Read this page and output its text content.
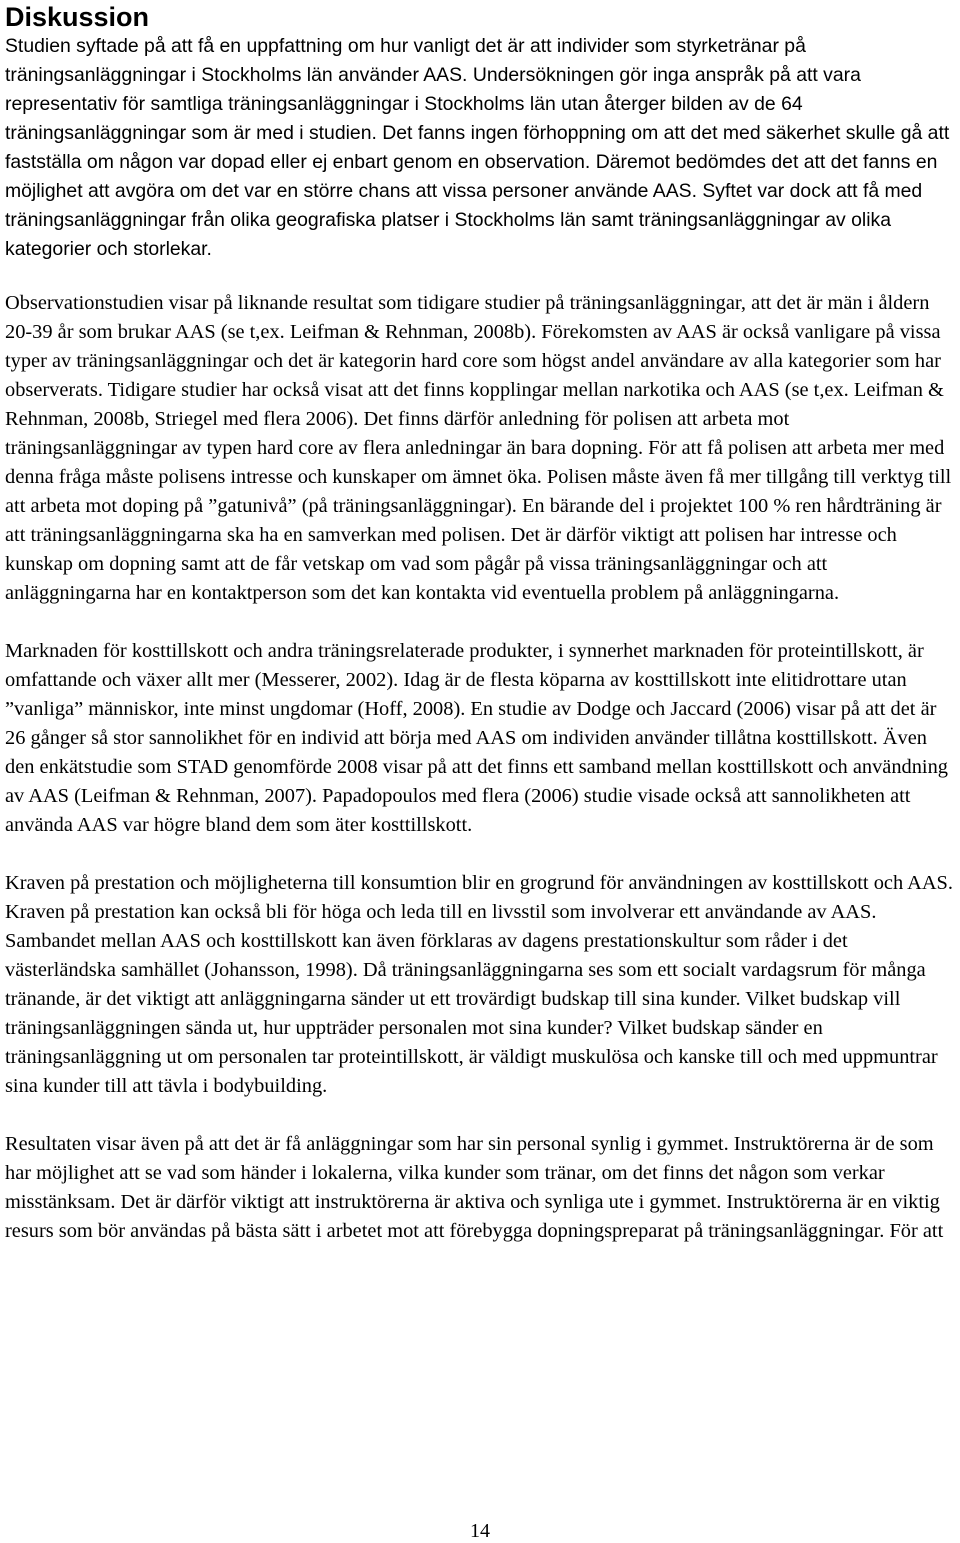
Diskussion

Studien syftade på att få en uppfattning om hur vanligt det är att individer som styrketränar på träningsanläggningar i Stockholms län använder AAS. Undersökningen gör inga anspråk på att vara representativ för samtliga träningsanläggningar i Stockholms län utan återger bilden av de 64 träningsanläggningar som är med i studien. Det fanns ingen förhoppning om att det med säkerhet skulle gå att fastställa om någon var dopad eller ej enbart genom en observation. Däremot bedömdes det att det fanns en möjlighet att avgöra om det var en större chans att vissa personer använde AAS. Syftet var dock att få med träningsanläggningar från olika geografiska platser i Stockholms län samt träningsanläggningar av olika kategorier och storlekar.

Observationstudien visar på liknande resultat som tidigare studier på träningsanläggningar, att det är män i åldern 20-39 år som brukar AAS (se t,ex. Leifman & Rehnman, 2008b). Förekomsten av AAS är också vanligare på vissa typer av träningsanläggningar och det är kategorin hard core som högst andel användare av alla kategorier som har observerats. Tidigare studier har också visat att det finns kopplingar mellan narkotika och AAS (se t,ex. Leifman & Rehnman, 2008b, Striegel med flera 2006). Det finns därför anledning för polisen att arbeta mot träningsanläggningar av typen hard core av flera anledningar än bara dopning. För att få polisen att arbeta mer med denna fråga måste polisens intresse och kunskaper om ämnet öka. Polisen måste även få mer tillgång till verktyg till att arbeta mot doping på ”gatunivå” (på träningsanläggningar). En bärande del i projektet 100 % ren hårdträning är att träningsanläggningarna ska ha en samverkan med polisen. Det är därför viktigt att polisen har intresse och kunskap om dopning samt att de får vetskap om vad som pågår på vissa träningsanläggningar och att anläggningarna har en kontaktperson som det kan kontakta vid eventuella problem på anläggningarna.

Marknaden för kosttillskott och andra träningsrelaterade produkter, i synnerhet marknaden för proteintillskott, är omfattande och växer allt mer (Messerer, 2002). Idag är de flesta köparna av kosttillskott inte elitidrottare utan ”vanliga” människor, inte minst ungdomar (Hoff, 2008). En studie av Dodge och Jaccard (2006) visar på att det är 26 gånger så stor sannolikhet för en individ att börja med AAS om individen använder tillåtna kosttillskott. Även den enkätstudie som STAD genomförde 2008 visar på att det finns ett samband mellan kosttillskott och användning av AAS (Leifman & Rehnman, 2007). Papadopoulos med flera (2006) studie visade också att sannolikheten att använda AAS var högre bland dem som äter kosttillskott.

Kraven på prestation och möjligheterna till konsumtion blir en grogrund för användningen av kosttillskott och AAS. Kraven på prestation kan också bli för höga och leda till en livsstil som involverar ett användande av AAS. Sambandet mellan AAS och kosttillskott kan även förklaras av dagens prestationskultur som råder i det västerländska samhället (Johansson, 1998). Då träningsanläggningarna ses som ett socialt vardagsrum för många tränande, är det viktigt att anläggningarna sänder ut ett trovärdigt budskap till sina kunder. Vilket budskap vill träningsanläggningen sända ut, hur uppträder personalen mot sina kunder? Vilket budskap sänder en träningsanläggning ut om personalen tar proteintillskott, är väldigt muskulösa och kanske till och med uppmuntrar sina kunder till att tävla i bodybuilding.

Resultaten visar även på att det är få anläggningar som har sin personal synlig i gymmet. Instruktörerna är de som har möjlighet att se vad som händer i lokalerna, vilka kunder som tränar, om det finns det någon som verkar misstänksam. Det är därför viktigt att instruktörerna är aktiva och synliga ute i gymmet. Instruktörerna är en viktig resurs som bör användas på bästa sätt i arbetet mot att förebygga dopningspreparat på träningsanläggningar. För att

14
